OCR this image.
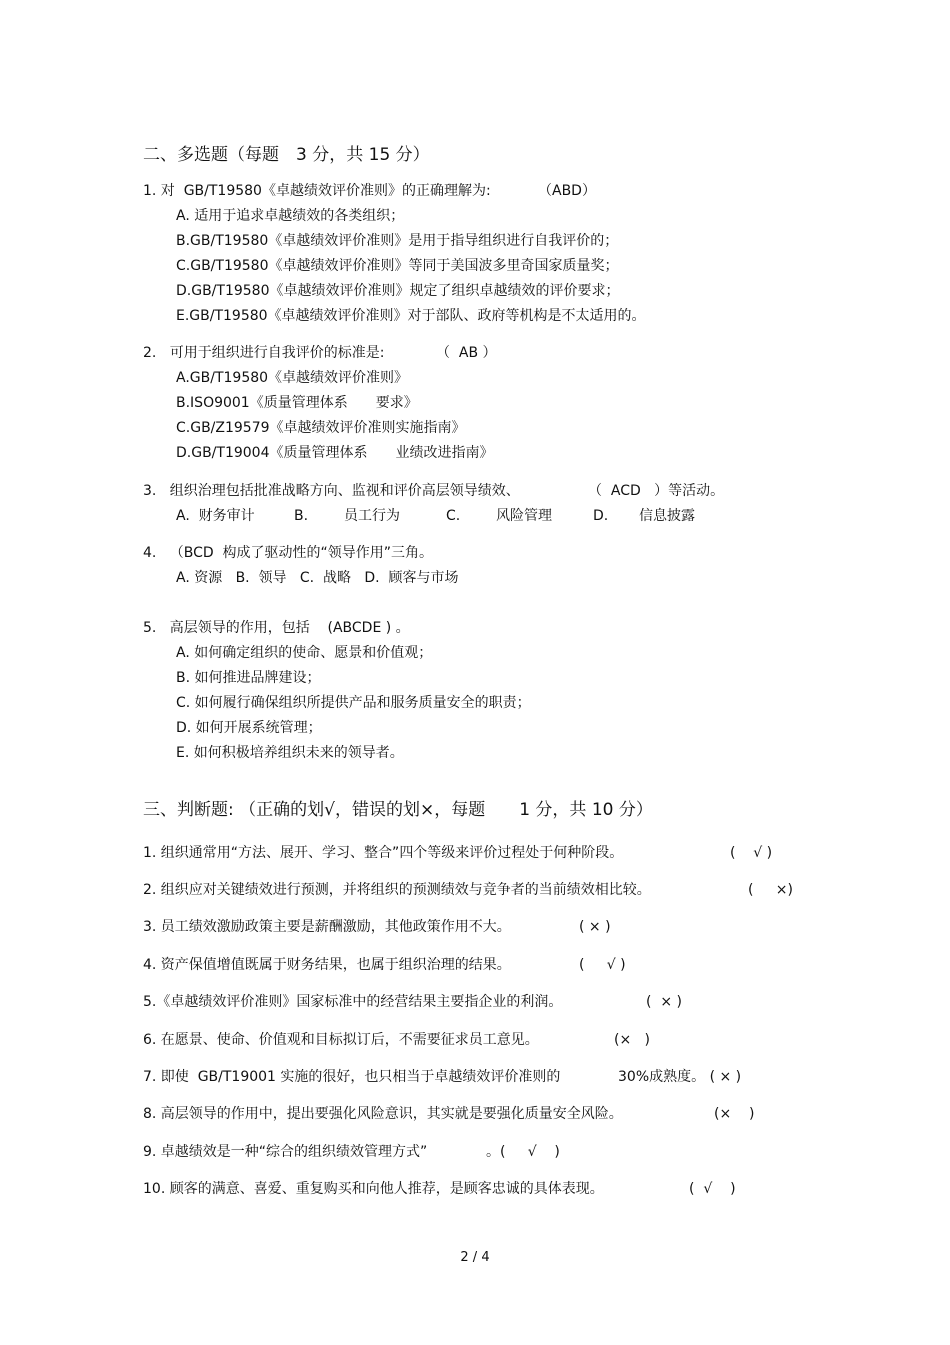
二、多选题（每题　3 分，共 15 分）
1. 对  GB/T19580《卓越绩效评价准则》的正确理解为:	（ABD）
A. 适用于追求卓越绩效的各类组织；
B.GB/T19580《卓越绩效评价准则》是用于指导组织进行自我评价的；
C.GB/T19580《卓越绩效评价准则》等同于美国波多里奇国家质量奖；
D.GB/T19580《卓越绩效评价准则》规定了组织卓越绩效的评价要求；
E.GB/T19580《卓越绩效评价准则》对于部队、政府等机构是不太适用的。
2.   可用于组织进行自我评价的标准是:	（  AB ）
A.GB/T19580《卓越绩效评价准则》
B.ISO9001《质量管理体系　　要求》
C.GB/Z19579《卓越绩效评价准则实施指南》
D.GB/T19004《质量管理体系　　业绩改进指南》
3.   组织治理包括批准战略方向、监视和评价高层领导绩效、	（  ACD   ）等活动。
A.  财务审计	B.	员工行为	C.	风险管理	D. 信息披露
4.   （BCD  构成了驱动性的“领导作用”三角。
A. 资源   B.  领导   C.  战略   D.  顾客与市场
5.   高层领导的作用，包括    (ABCDE ) 。
A. 如何确定组织的使命、愿景和价值观；
B. 如何推进品牌建设；
C. 如何履行确保组织所提供产品和服务质量安全的职责；
D. 如何开展系统管理；
E. 如何积极培养组织未来的领导者。
三、判断题: （正确的划√，错误的划×，每题　　1 分，共 10 分）
1. 组织通常用“方法、展开、学习、整合”四个等级来评价过程处于何种阶段。	(    √ )
2. 组织应对关键绩效进行预测，并将组织的预测绩效与竞争者的当前绩效相比较。	(     ×)
3. 员工绩效激励政策主要是薪酬激励，其他政策作用不大。	( × )
4. 资产保值增值既属于财务结果，也属于组织治理的结果。	(     √ )
5.《卓越绩效评价准则》国家标准中的经营结果主要指企业的利润。	(  × )
6. 在愿景、使命、价值观和目标拟订后，不需要征求员工意见。	(×   )
7. 即使  GB/T19001 实施的很好，也只相当于卓越绩效评价准则的	30%成熟度。 ( × )
8. 高层领导的作用中，提出要强化风险意识，其实就是要强化质量安全风险。	(×    )
9. 卓越绩效是一种“综合的组织绩效管理方式”	。(     √    )
10. 顾客的满意、喜爱、重复购买和向他人推荐，是顾客忠诚的具体表现。	(  √    )
2 / 4
